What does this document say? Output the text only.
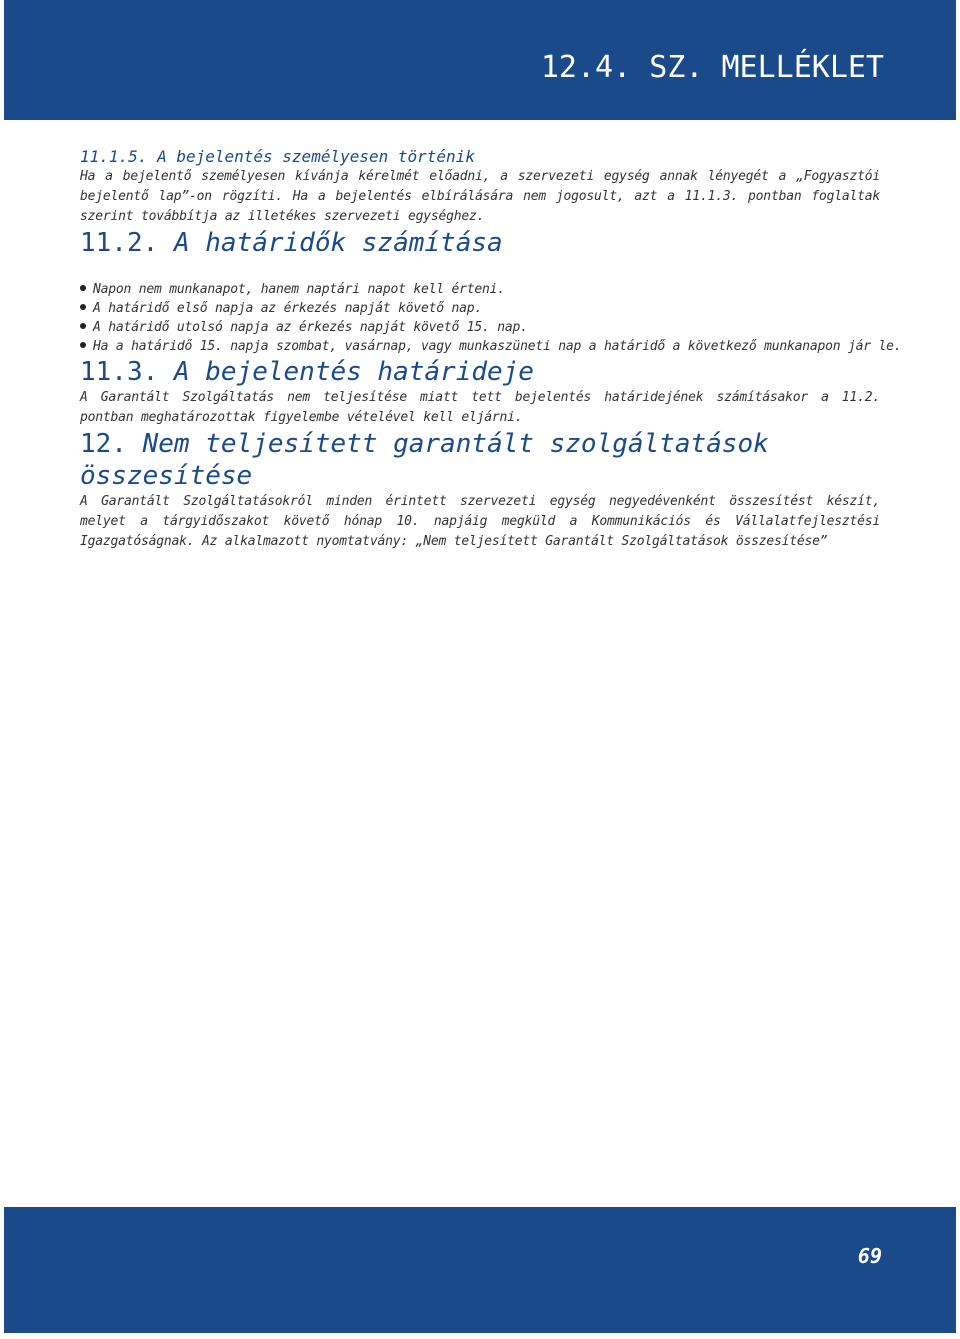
12.4. SZ. MELLÉKLET
11.1.5. A bejelentés személyesen történik

Ha a bejelentő személyesen kívánja kérelmét előadni, a szervezeti egység annak lényegét a „Fogyasztói bejelentő lap”-on rögzíti. Ha a bejelentés elbírálására nem jogosult, azt a 11.1.3. pontban foglaltak szerint továbbítja az illetékes szervezeti egységhez.

11.2. A határidők számítása
Napon nem munkanapot, hanem naptári napot kell érteni.
A határidő első napja az érkezés napját követő nap.
A határidő utolsó napja az érkezés napját követő 15. nap.
Ha a határidő 15. napja szombat, vasárnap, vagy munkaszüneti nap a határidő a következő munkanapon jár le.
11.3. A bejelentés határideje

A Garantált Szolgáltatás nem teljesítése miatt tett bejelentés határidejének számításakor a 11.2. pontban meghatározottak figyelembe vételével kell eljárni.

12. Nem teljesített garantált szolgáltatások összesítése

A Garantált Szolgáltatásokról minden érintett szervezeti egység negyedévenként összesítést készít, melyet a tárgyidőszakot követő hónap 10. napjáig megküld a Kommunikációs és Vállalatfejlesztési Igazgatóságnak. Az alkalmazott nyomtatvány: „Nem teljesített Garantált Szolgáltatások összesítése”

69
